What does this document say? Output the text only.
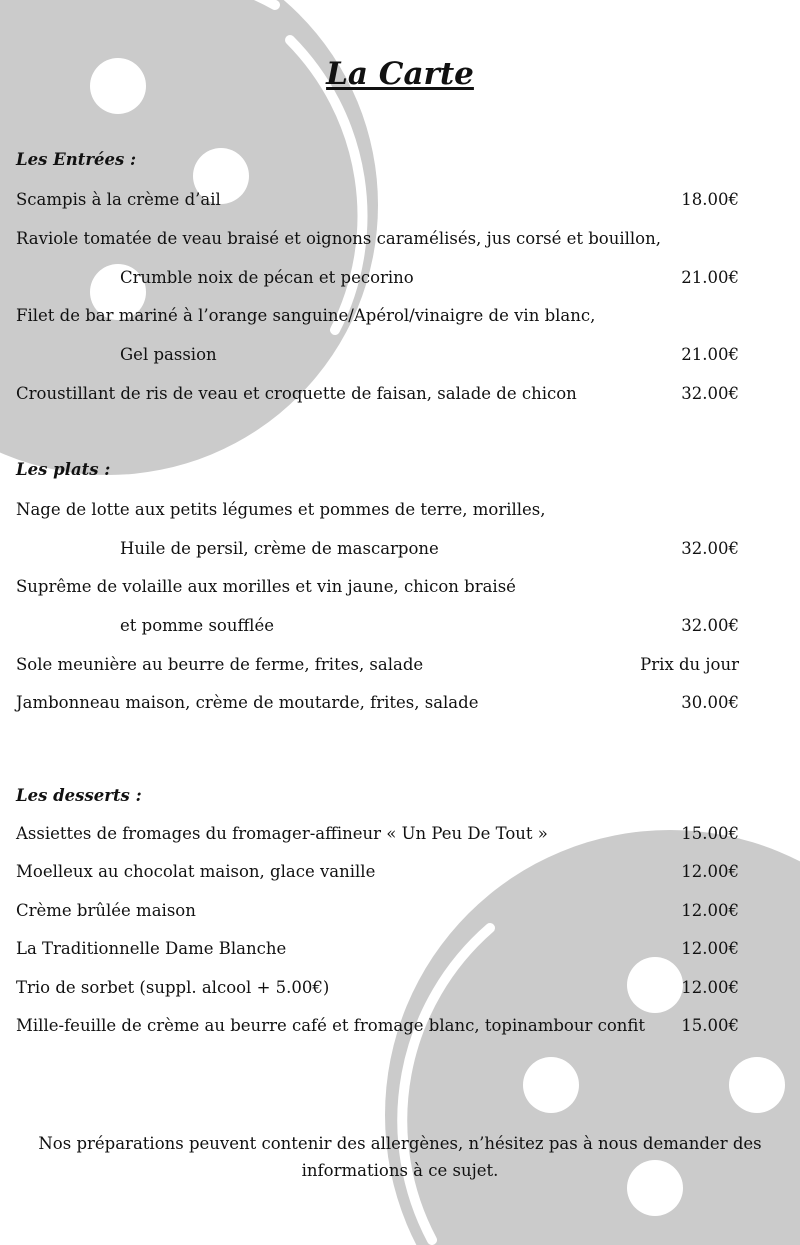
La Carte
Les Entrées :
Scampis à la crème d’ail	18.00€
Raviole tomatée de veau braisé et oignons caramélisés, jus corsé et bouillon,
Crumble noix de pécan et pecorino	21.00€
Filet de bar mariné à l’orange sanguine/Apérol/vinaigre de vin blanc,
Gel passion	21.00€
Croustillant de ris de veau et croquette de faisan, salade de chicon	32.00€
Les plats :
Nage de lotte aux petits légumes et pommes de terre, morilles,
Huile de persil, crème de mascarpone	32.00€
Suprême de volaille aux morilles et vin jaune, chicon braisé
et pomme soufflée	32.00€
Sole meunière au beurre de ferme, frites, salade	Prix du jour
Jambonneau maison, crème de moutarde, frites, salade	30.00€
Les desserts :
Assiettes de fromages du fromager-affineur « Un Peu De Tout »	15.00€
Moelleux au chocolat maison, glace vanille	12.00€
Crème brûlée maison	12.00€
La Traditionnelle Dame Blanche	12.00€
Trio de sorbet (suppl. alcool + 5.00€)	12.00€
Mille-feuille de crème au beurre café et fromage blanc, topinambour confit 15.00€

Nos préparations peuvent contenir des allergènes, n’hésitez pas à nous demander des informations à ce sujet.
